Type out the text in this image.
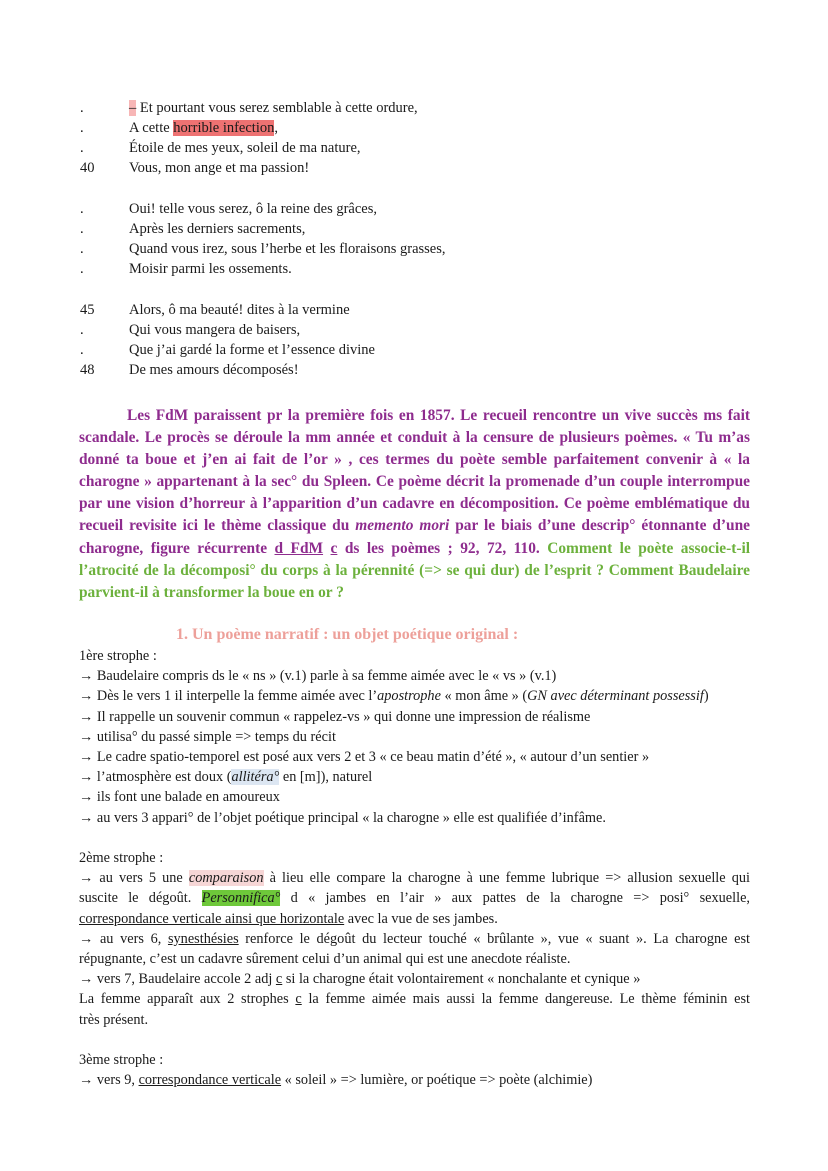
.	– Et pourtant vous serez semblable à cette ordure,
.	A cette horrible infection,
.	Étoile de mes yeux, soleil de ma nature,
40	Vous, mon ange et ma passion!
.	Oui! telle vous serez, ô la reine des grâces,
.	Après les derniers sacrements,
.	Quand vous irez, sous l’herbe et les floraisons grasses,
.	Moisir parmi les ossements.
45	Alors, ô ma beauté! dites à la vermine
.	Qui vous mangera de baisers,
.	Que j’ai gardé la forme et l’essence divine
48	De mes amours décomposés!
Les FdM paraissent pr la première fois en 1857. Le recueil rencontre un vive succès ms fait scandale. Le procès se déroule la mm année et conduit à la censure de plusieurs poèmes. « Tu m’as donné ta boue et j’en ai fait de l’or » , ces termes du poète semble parfaitement convenir à « la charogne » appartenant à la sec° du Spleen. Ce poème décrit la promenade d’un couple interrompue par une vision d’horreur à l’apparition d’un cadavre en décomposition. Ce poème emblématique du recueil revisite ici le thème classique du memento mori par le biais d’une descrip° étonnante d’une charogne, figure récurrente d FdM c ds les poèmes ; 92, 72, 110. Comment le poète associe-t-il l’atrocité de la décomposi° du corps à la pérennité (=> se qui dur) de l’esprit ? Comment Baudelaire parvient-il à transformer la boue en or ?
1. Un poème narratif : un objet poétique original :
1ère strophe :
→ Baudelaire compris ds le « ns » (v.1) parle à sa femme aimée avec le « vs » (v.1)
→ Dès le vers 1 il interpelle la femme aimée avec l’apostrophe « mon âme » (GN avec déterminant possessif)
→ Il rappelle un souvenir commun « rappelez-vs » qui donne une impression de réalisme
→ utilisa° du passé simple => temps du récit
→ Le cadre spatio-temporel est posé aux vers 2 et 3 « ce beau matin d’été », « autour d’un sentier »
→ l’atmosphère est doux (allitéra° en [m]), naturel
→ ils font une balade en amoureux
→ au vers 3 appari° de l’objet poétique principal « la charogne » elle est qualifiée d’infâme.
2ème strophe :
→ au vers 5 une comparaison à lieu elle compare la charogne à une femme lubrique => allusion sexuelle qui
suscite le dégoût. Personnifica° d « jambes en l’air » aux pattes de la charogne => posi° sexuelle,
correspondance verticale ainsi que horizontale avec la vue de ses jambes.
→ au vers 6, synesthésies renforce le dégoût du lecteur touché « brûlante », vue « suant ». La charogne est
répugnante, c’est un cadavre sûrement celui d’un animal qui est une anecdote réaliste.
→ vers 7, Baudelaire accole 2 adj c si la charogne était volontairement « nonchalante et cynique »
La femme apparaît aux 2 strophes c la femme aimée mais aussi la femme dangereuse. Le thème féminin est
très présent.
3ème strophe :
→ vers 9, correspondance verticale « soleil » => lumière, or poétique => poète (alchimie)
